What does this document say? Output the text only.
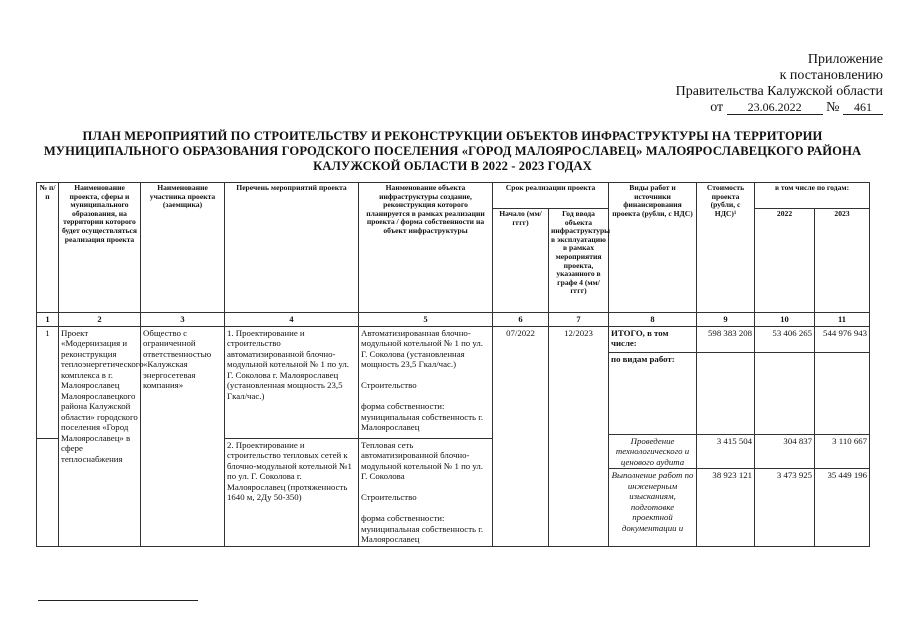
Приложение
к постановлению
Правительства Калужской области
от 23.06.2022 № 461
ПЛАН МЕРОПРИЯТИЙ ПО СТРОИТЕЛЬСТВУ И РЕКОНСТРУКЦИИ ОБЪЕКТОВ ИНФРАСТРУКТУРЫ НА ТЕРРИТОРИИ
МУНИЦИПАЛЬНОГО ОБРАЗОВАНИЯ ГОРОДСКОГО ПОСЕЛЕНИЯ «ГОРОД МАЛОЯРОСЛАВЕЦ» МАЛОЯРОСЛАВЕЦКОГО РАЙОНА
КАЛУЖСКОЙ ОБЛАСТИ В 2022 - 2023 ГОДАХ
№ п/п	Наименование проекта, сферы и муниципального образования, на территории которого будет осуществляться реализация проекта	Наименование участника проекта (заемщика)	Перечень мероприятий проекта	Наименование объекта инфраструктуры создание, реконструкция которого планируется в рамках реализации проекта / форма собственности на объект инфраструктуры	Срок реализации проекта		Виды работ и источники финансирования проекта (рубли, с НДС)	Стоимость проекта (рубли, с НДС)¹	в том числе по годам:	
					Начало (мм/гггг)	Год ввода объекта инфраструктуры в эксплуатацию в рамках мероприятия проекта, указанного в графе 4 (мм/гггг)			2022	2023
1	2	3	4	5	6	7	8	9	10	11
1	Проект «Модернизация и реконструкция теплоэнергетического комплекса в г. Малоярославец Малоярославецкого района Калужской области» городского поселения «Город Малоярославец» в сфере теплоснабжения	Общество с ограниченной ответственностью «Калужская энергосетевая компания»	1. Проектирование и строительство автоматизированной блочно-модульной котельной № 1 по ул. Г. Соколова г. Малоярославец (установленная мощность 23,5 Гкал/час.)	Автоматизированная блочно-модульной котельной № 1 по ул. Г. Соколова (установленная мощность 23,5 Гкал/час.)

Строительство

форма собственности: муниципальная собственность г. Малоярославец	07/2022	12/2023	ИТОГО, в том числе:	598 383 208	53 406 265	544 976 943
							по видам работ:			
							Проведение технологического и ценового аудита	3 415 504	304 837	3 110 667
			2. Проектирование и строительство тепловых сетей к блочно-модульной котельной №1 по ул. Г. Соколова г. Малоярославец (протяженность 1640 м, 2Ду 50-350)	Тепловая сеть автоматизированной блочно-модульной котельной № 1 по ул. Г. Соколова

Строительство

форма собственности: муниципальная собственность г. Малоярославец						
							Выполнение работ по инженерным изысканиям, подготовке проектной документации и	38 923 121	3 473 925	35 449 196
